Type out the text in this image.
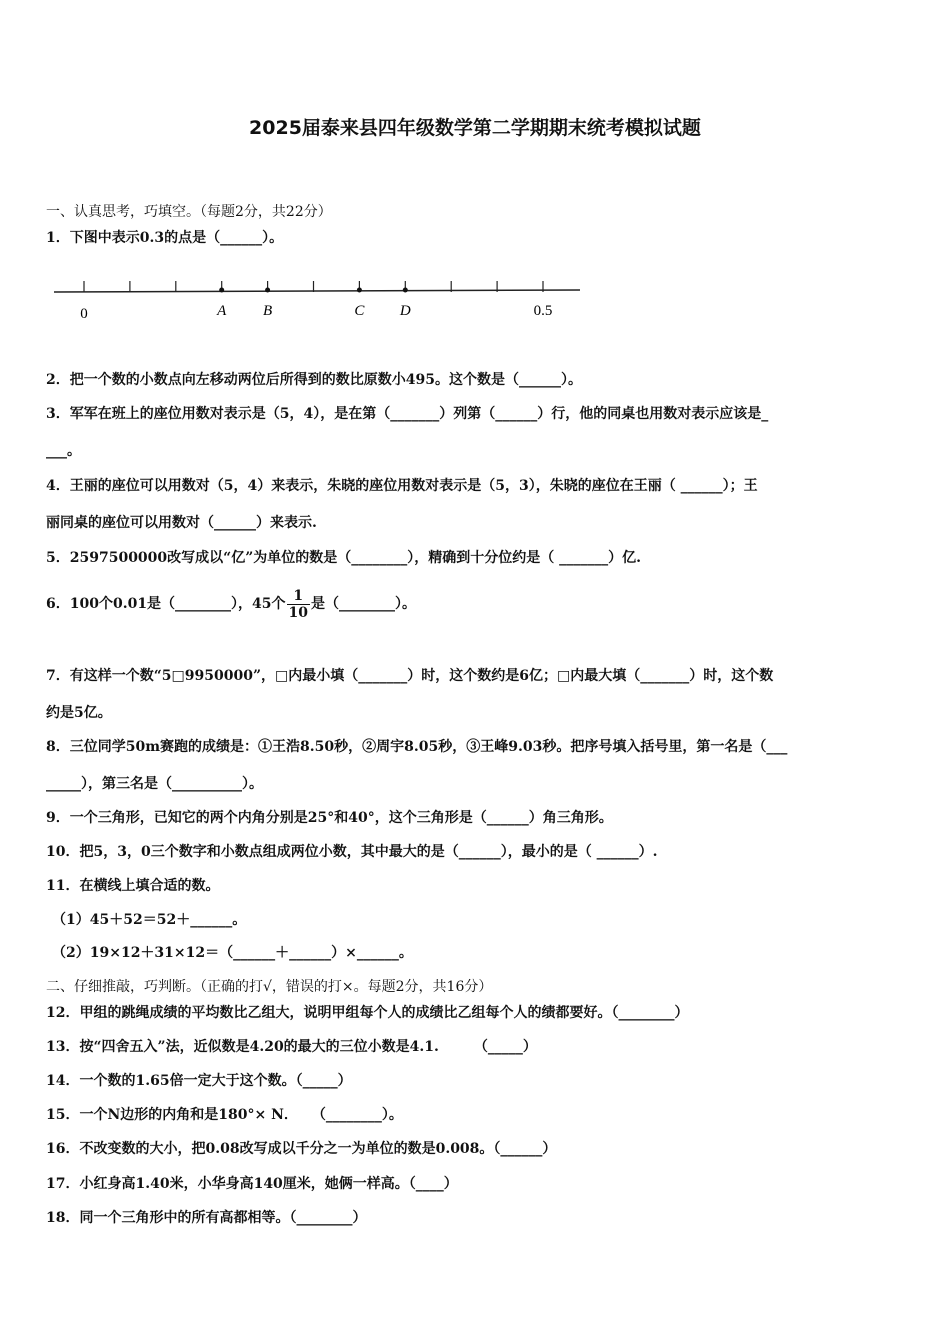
2025届泰来县四年级数学第二学期期末统考模拟试题
一、认真思考，巧填空。（每题2分，共22分）
1．下图中表示0.3的点是（______）。
0	0.5
A B	C D
2．把一个数的小数点向左移动两位后所得到的数比原数小495。这个数是（______）。
3．军军在班上的座位用数对表示是（5，4），是在第（_______）列第（______）行，他的同桌也用数对表示应该是_
___。
4．王丽的座位可以用数对（5，4）来表示，朱晓的座位用数对表示是（5，3），朱晓的座位在王丽（ ______）；王
丽同桌的座位可以用数对（______）来表示.
5．2597500000改写成以“亿”为单位的数是（________），精确到十分位约是（ _______）亿.
6．100个0.01是（________），45个 $\frac{1}{10}$ 是（________）。
7．有这样一个数“5□9950000”，□内最小填（_______）时，这个数约是6亿；□内最大填（_______）时，这个数
约是5亿。
8．三位同学50m赛跑的成绩是：①王浩8.50秒，②周宇8.05秒，③王峰9.03秒。把序号填入括号里，第一名是（___
_____），第三名是（__________）。
9．一个三角形，已知它的两个内角分别是25°和40°，这个三角形是（______）角三角形。
10．把5，3，0三个数字和小数点组成两位小数，其中最大的是（______），最小的是（ ______）.
11．在横线上填合适的数。
（1）45＋52＝52＋______。
（2）19×12＋31×12＝（______＋______）×______。
二、仔细推敲，巧判断。（正确的打√，错误的打×。每题2分，共16分）
12．甲组的跳绳成绩的平均数比乙组大，说明甲组每个人的成绩比乙组每个人的绩都要好。（________）
13．按“四舍五入”法，近似数是4.20的最大的三位小数是4.1.　　　（_____）
14．一个数的1.65倍一定大于这个数。（_____）
15．一个N边形的内角和是180°× N．　　（________）。
16．不改变数的大小，把0.08改写成以千分之一为单位的数是0.008。（______）
17．小红身高1.40米，小华身高140厘米，她俩一样高。（____）
18．同一个三角形中的所有高都相等。（________）
